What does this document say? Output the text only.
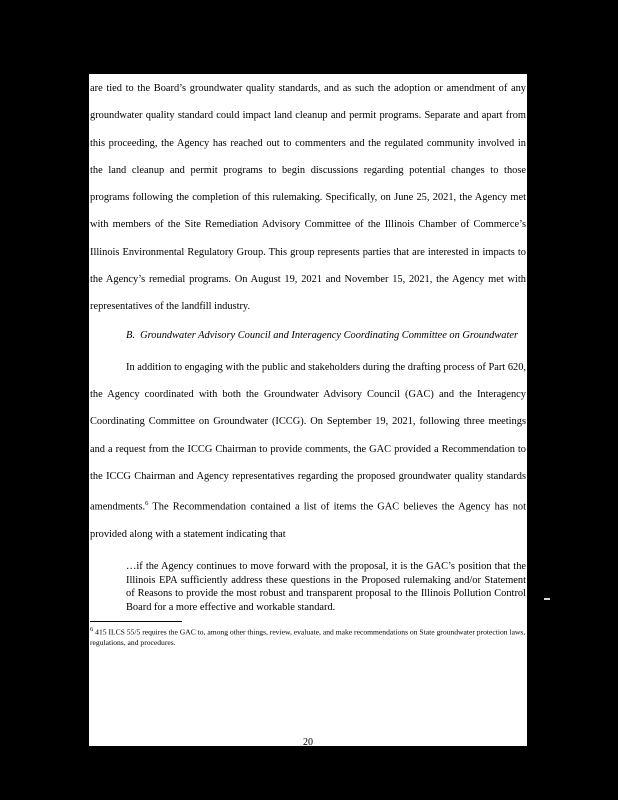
are tied to the Board’s groundwater quality standards, and as such the adoption or amendment of any groundwater quality standard could impact land cleanup and permit programs. Separate and apart from this proceeding, the Agency has reached out to commenters and the regulated community involved in the land cleanup and permit programs to begin discussions regarding potential changes to those programs following the completion of this rulemaking. Specifically, on June 25, 2021, the Agency met with members of the Site Remediation Advisory Committee of the Illinois Chamber of Commerce’s Illinois Environmental Regulatory Group. This group represents parties that are interested in impacts to the Agency’s remedial programs. On August 19, 2021 and November 15, 2021, the Agency met with representatives of the landfill industry.

B.  Groundwater Advisory Council and Interagency Coordinating Committee on Groundwater

In addition to engaging with the public and stakeholders during the drafting process of Part 620, the Agency coordinated with both the Groundwater Advisory Council (GAC) and the Interagency Coordinating Committee on Groundwater (ICCG). On September 19, 2021, following three meetings and a request from the ICCG Chairman to provide comments, the GAC provided a Recommendation to the ICCG Chairman and Agency representatives regarding the proposed groundwater quality standards amendments.$^6$ The Recommendation contained a list of items the GAC believes the Agency has not provided along with a statement indicating that

…if the Agency continues to move forward with the proposal, it is the GAC’s position that the Illinois EPA sufficiently address these questions in the Proposed rulemaking and/or Statement of Reasons to provide the most robust and transparent proposal to the Illinois Pollution Control Board for a more effective and workable standard.

$^6$ 415 ILCS 55/5 requires the GAC to, among other things, review, evaluate, and make recommendations on State groundwater protection laws, regulations, and procedures.

20
